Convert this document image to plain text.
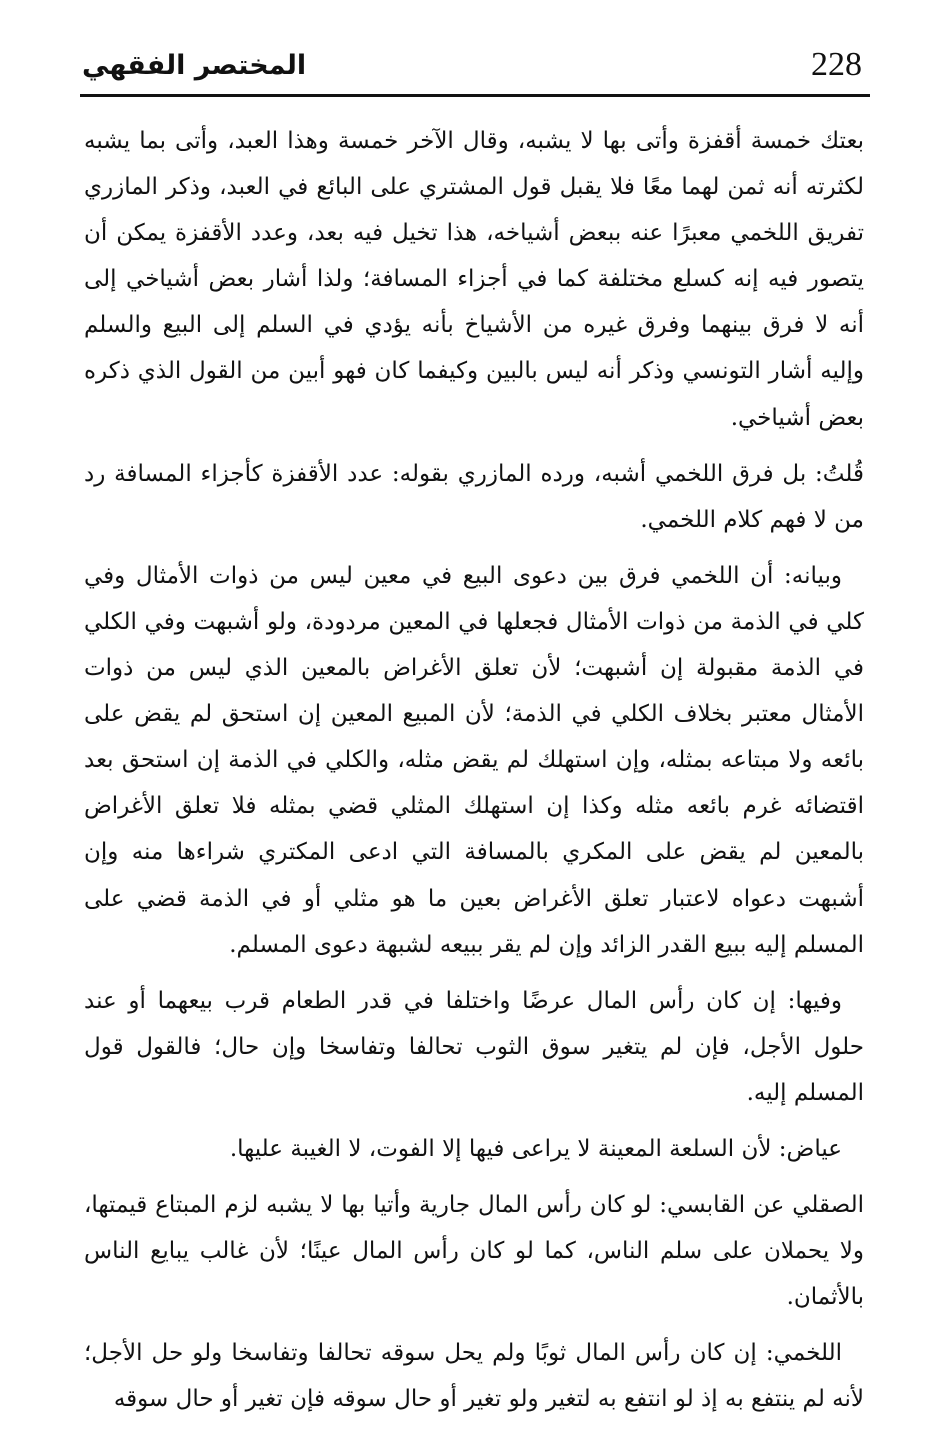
228
المختصر الفقهي

بعتك خمسة أقفزة وأتى بها لا يشبه، وقال الآخر خمسة وهذا العبد، وأتى بما يشبه لكثرته أنه ثمن لهما معًا فلا يقبل قول المشتري على البائع في العبد، وذكر المازري تفريق اللخمي معبرًا عنه ببعض أشياخه، هذا تخيل فيه بعد، وعدد الأقفزة يمكن أن يتصور فيه إنه كسلع مختلفة كما في أجزاء المسافة؛ ولذا أشار بعض أشياخي إلى أنه لا فرق بينهما وفرق غيره من الأشياخ بأنه يؤدي في السلم إلى البيع والسلم وإليه أشار التونسي وذكر أنه ليس بالبين وكيفما كان فهو أبين من القول الذي ذكره بعض أشياخي.

قُلتُ: بل فرق اللخمي أشبه، ورده المازري بقوله: عدد الأقفزة كأجزاء المسافة رد من لا فهم كلام اللخمي.

وبيانه: أن اللخمي فرق بين دعوى البيع في معين ليس من ذوات الأمثال وفي كلي في الذمة من ذوات الأمثال فجعلها في المعين مردودة، ولو أشبهت وفي الكلي في الذمة مقبولة إن أشبهت؛ لأن تعلق الأغراض بالمعين الذي ليس من ذوات الأمثال معتبر بخلاف الكلي في الذمة؛ لأن المبيع المعين إن استحق لم يقض على بائعه ولا مبتاعه بمثله، وإن استهلك لم يقض مثله، والكلي في الذمة إن استحق بعد اقتضائه غرم بائعه مثله وكذا إن استهلك المثلي قضي بمثله فلا تعلق الأغراض بالمعين لم يقض على المكري بالمسافة التي ادعى المكتري شراءها منه وإن أشبهت دعواه لاعتبار تعلق الأغراض بعين ما هو مثلي أو في الذمة قضي على المسلم إليه ببيع القدر الزائد وإن لم يقر ببيعه لشبهة دعوى المسلم.

وفيها: إن كان رأس المال عرضًا واختلفا في قدر الطعام قرب بيعهما أو عند حلول الأجل، فإن لم يتغير سوق الثوب تحالفا وتفاسخا وإن حال؛ فالقول قول المسلم إليه.

عياض: لأن السلعة المعينة لا يراعى فيها إلا الفوت، لا الغيبة عليها.

الصقلي عن القابسي: لو كان رأس المال جارية وأتيا بها لا يشبه لزم المبتاع قيمتها، ولا يحملان على سلم الناس، كما لو كان رأس المال عينًا؛ لأن غالب يبايع الناس بالأثمان.

اللخمي: إن كان رأس المال ثوبًا ولم يحل سوقه تحالفا وتفاسخا ولو حل الأجل؛ لأنه لم ينتفع به إذ لو انتفع به لتغير ولو تغير أو حال سوقه فإن تغير أو حال سوقه
